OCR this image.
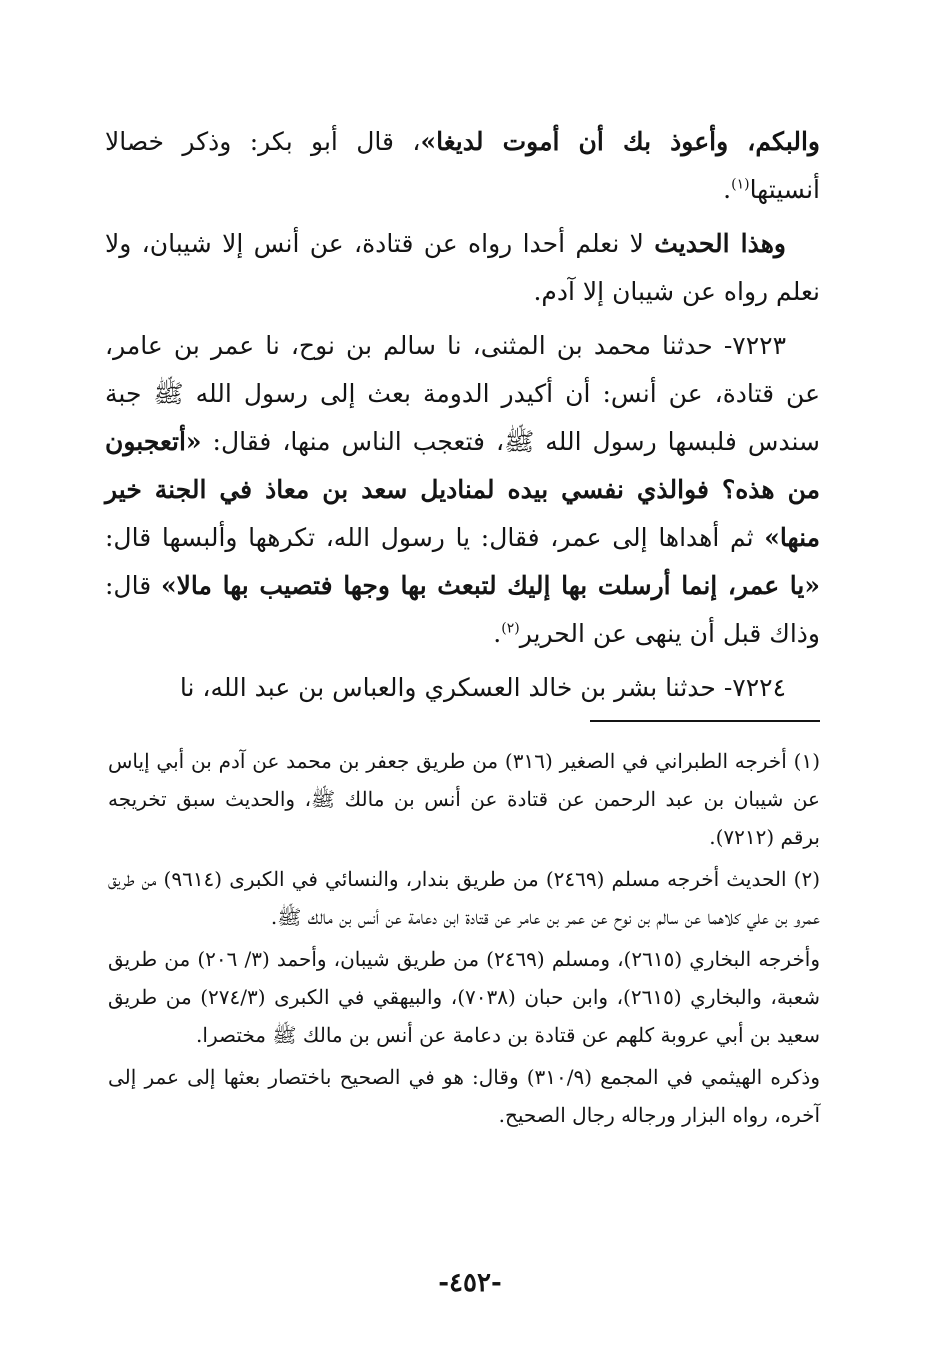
والبكم، وأعوذ بك أن أموت لديغا»، قال أبو بكر: وذكر خصالا أنسيتها$^{(١)}$.

وهذا الحديث لا نعلم أحدا رواه عن قتادة، عن أنس إلا شيبان، ولا نعلم رواه عن شيبان إلا آدم.

٧٢٢٣- حدثنا محمد بن المثنى، نا سالم بن نوح، نا عمر بن عامر، عن قتادة، عن أنس: أن أكيدر الدومة بعث إلى رسول الله ﷺ جبة سندس فلبسها رسول الله ﷺ، فتعجب الناس منها، فقال: «أتعجبون من هذه؟ فوالذي نفسي بيده لمناديل سعد بن معاذ في الجنة خير منها» ثم أهداها إلى عمر، فقال: يا رسول الله، تكرهها وألبسها قال: «يا عمر، إنما أرسلت بها إليك لتبعث بها وجها فتصيب بها مالا» قال: وذاك قبل أن ينهى عن الحرير$^{(٢)}$.

٧٢٢٤- حدثنا بشر بن خالد العسكري والعباس بن عبد الله، نا

(١) أخرجه الطبراني في الصغير (٣١٦) من طريق جعفر بن محمد عن آدم بن أبي إياس عن شيبان بن عبد الرحمن عن قتادة عن أنس بن مالك ﷺ، والحديث سبق تخريجه برقم (٧٢١٢).

(٢) الحديث أخرجه مسلم (٢٤٦٩) من طريق بندار، والنسائي في الكبرى (٩٦١٤) من طريق عمرو بن علي كلاهما عن سالم بن نوح عن عمر بن عامر عن قتادة ابن دعامة عن أنس بن مالك ﷺ.

وأخرجه البخاري (٢٦١٥)، ومسلم (٢٤٦٩) من طريق شيبان، وأحمد (٣/ ٢٠٦) من طريق شعبة، والبخاري (٢٦١٥)، وابن حبان (٧٠٣٨)، والبيهقي في الكبرى (٢٧٤/٣) من طريق سعيد بن أبي عروبة كلهم عن قتادة بن دعامة عن أنس بن مالك ﷺ مختصرا.

وذكره الهيثمي في المجمع (٣١٠/٩) وقال: هو في الصحيح باختصار بعثها إلى عمر إلى آخره، رواه البزار ورجاله رجال الصحيح.

-٤٥٢-
